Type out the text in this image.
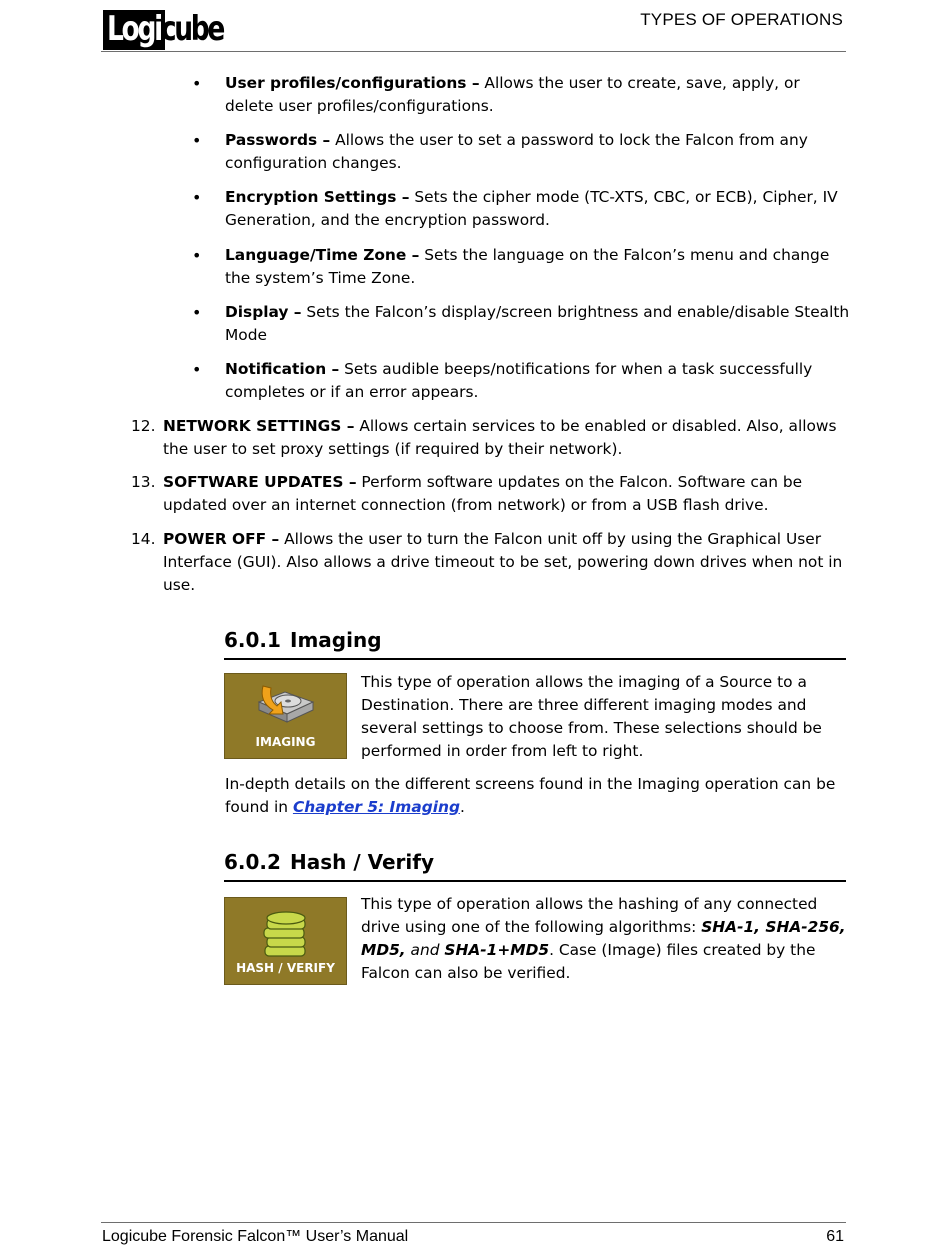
Logicube	TYPES OF OPERATIONS
• User profiles/configurations – Allows the user to create, save, apply, or delete user profiles/configurations.
• Passwords – Allows the user to set a password to lock the Falcon from any configuration changes.
• Encryption Settings – Sets the cipher mode (TC-XTS, CBC, or ECB), Cipher, IV Generation, and the encryption password.
• Language/Time Zone – Sets the language on the Falcon’s menu and change the system’s Time Zone.
• Display – Sets the Falcon’s display/screen brightness and enable/disable Stealth Mode
• Notification – Sets audible beeps/notifications for when a task successfully completes or if an error appears.
12. NETWORK SETTINGS – Allows certain services to be enabled or disabled. Also, allows the user to set proxy settings (if required by their network).
13. SOFTWARE UPDATES – Perform software updates on the Falcon. Software can be updated over an internet connection (from network) or from a USB flash drive.
14. POWER OFF – Allows the user to turn the Falcon unit off by using the Graphical User Interface (GUI). Also allows a drive timeout to be set, powering down drives when not in use.
6.0.1 Imaging
IMAGING
This type of operation allows the imaging of a Source to a Destination. There are three different imaging modes and several settings to choose from. These selections should be performed in order from left to right.
In-depth details on the different screens found in the Imaging operation can be found in Chapter 5: Imaging.
6.0.2 Hash / Verify
HASH / VERIFY
This type of operation allows the hashing of any connected drive using one of the following algorithms: SHA-1, SHA-256, MD5, and SHA-1+MD5. Case (Image) files created by the Falcon can also be verified.
Logicube Forensic Falcon™ User’s Manual	61
